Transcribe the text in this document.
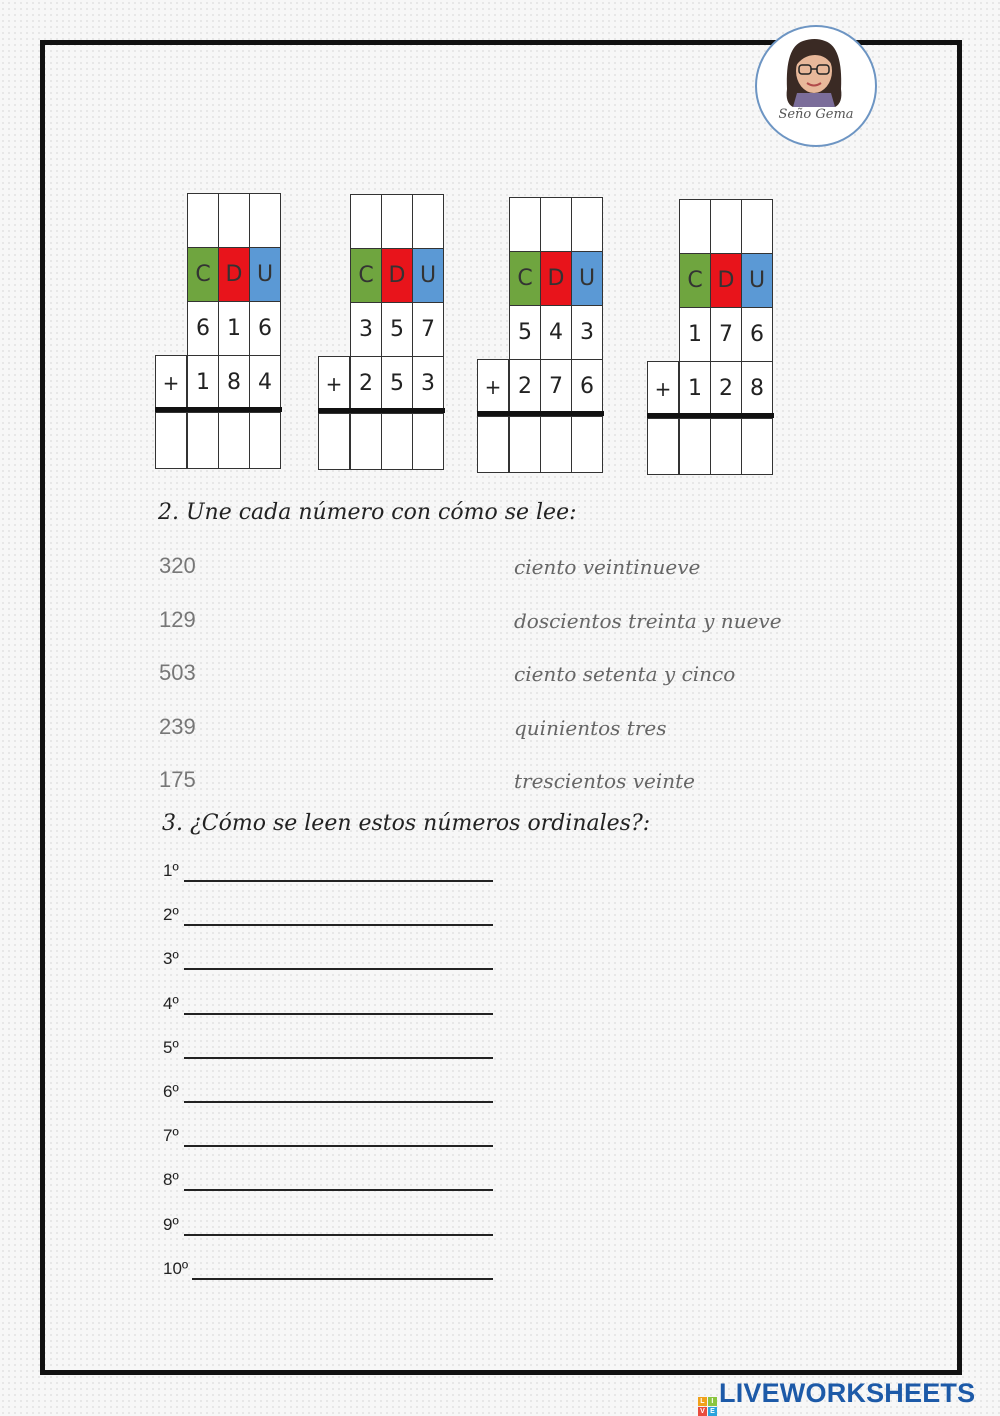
Seño Gema
C D U
6 1 6
+ 1 8 4
C D U
3 5 7
+ 2 5 3
C D U
5 4 3
+ 2 7 6
C D U
1 7 6
+ 1 2 8
2. Une cada número con cómo se lee:
320	ciento veintinueve
129	doscientos treinta y nueve
503	ciento setenta y cinco
239	quinientos tres
175	trescientos veinte
3. ¿Cómo se leen estos números ordinales?:
1º
2º
3º
4º
5º
6º
7º
8º
9º
10º
L I
V E
LIVEWORKSHEETS
